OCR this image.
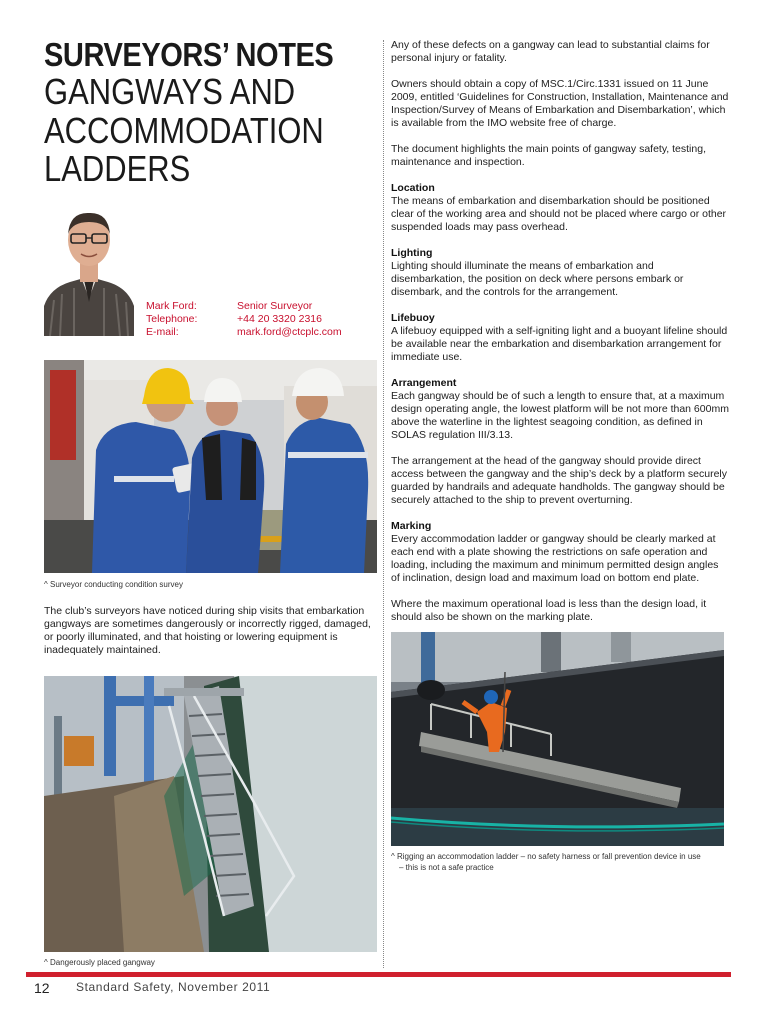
SURVEYORS’ NOTES
GANGWAYS AND
ACCOMMODATION
LADDERS
Mark Ford:
Telephone:
E-mail:
Senior Surveyor
+44 20 3320 2316
mark.ford@ctcplc.com
^ Surveyor conducting condition survey
The club’s surveyors have noticed during ship visits that embarkation gangways are sometimes dangerously or incorrectly rigged, damaged, or poorly illuminated, and that hoisting or lowering equipment is inadequately maintained.
^ Dangerously placed gangway

Any of these defects on a gangway can lead to substantial claims for personal injury or fatality.

Owners should obtain a copy of MSC.1/Circ.1331 issued on 11 June 2009, entitled ‘Guidelines for Construction, Installation, Maintenance and Inspection/Survey of Means of Embarkation and Disembarkation’, which is available from the IMO website free of charge.

The document highlights the main points of gangway safety, testing, maintenance and inspection.

Location

The means of embarkation and disembarkation should be positioned clear of the working area and should not be placed where cargo or other suspended loads may pass overhead.

Lighting

Lighting should illuminate the means of embarkation and disembarkation, the position on deck where persons embark or disembark, and the controls for the arrangement.

Lifebuoy

A lifebuoy equipped with a self-igniting light and a buoyant lifeline should be available near the embarkation and disembarkation arrangement for immediate use.

Arrangement

Each gangway should be of such a length to ensure that, at a maximum design operating angle, the lowest platform will be not more than 600mm above the waterline in the lightest seagoing condition, as defined in SOLAS regulation III/3.13.

The arrangement at the head of the gangway should provide direct access between the gangway and the ship’s deck by a platform securely guarded by handrails and adequate handholds. The gangway should be securely attached to the ship to prevent overturning.

Marking

Every accommodation ladder or gangway should be clearly marked at each end with a plate showing the restrictions on safe operation and loading, including the maximum and minimum permitted design angles of inclination, design load and maximum load on bottom end plate.

Where the maximum operational load is less than the design load, it should also be shown on the marking plate.

^ Rigging an accommodation ladder – no safety harness or fall prevention device in use
– this is not a safe practice
12 Standard Safety, November 2011
